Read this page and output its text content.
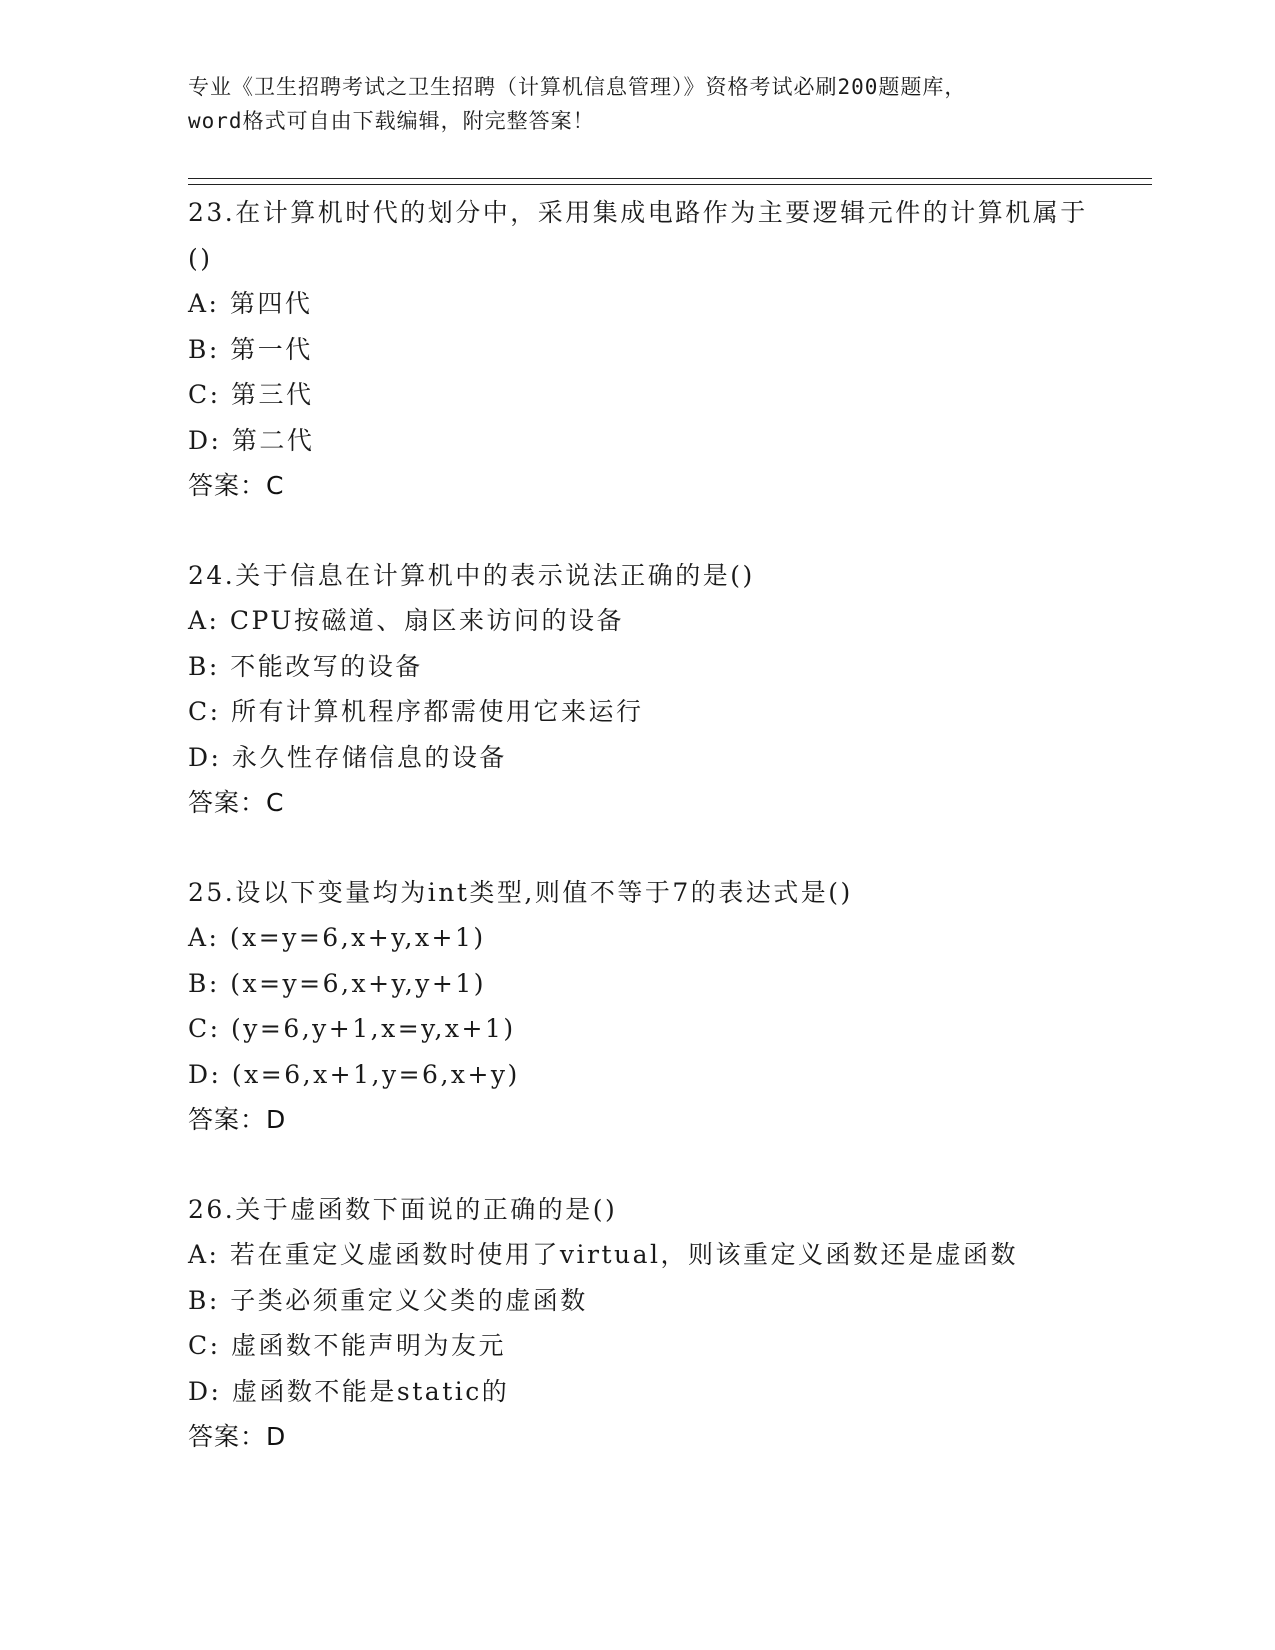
专业《卫生招聘考试之卫生招聘（计算机信息管理）》资格考试必刷200题题库，
word格式可自由下载编辑，附完整答案！
23.在计算机时代的划分中，采用集成电路作为主要逻辑元件的计算机属于()
A: 第四代
B: 第一代
C: 第三代
D: 第二代
答案：C
24.关于信息在计算机中的表示说法正确的是()
A: CPU按磁道、扇区来访问的设备
B: 不能改写的设备
C: 所有计算机程序都需使用它来运行
D: 永久性存储信息的设备
答案：C
25.设以下变量均为int类型,则值不等于7的表达式是()
A: (x=y=6,x+y,x+1)
B: (x=y=6,x+y,y+1)
C: (y=6,y+1,x=y,x+1)
D: (x=6,x+1,y=6,x+y)
答案：D
26.关于虚函数下面说的正确的是()
A: 若在重定义虚函数时使用了virtual，则该重定义函数还是虚函数
B: 子类必须重定义父类的虚函数
C: 虚函数不能声明为友元
D: 虚函数不能是static的
答案：D
